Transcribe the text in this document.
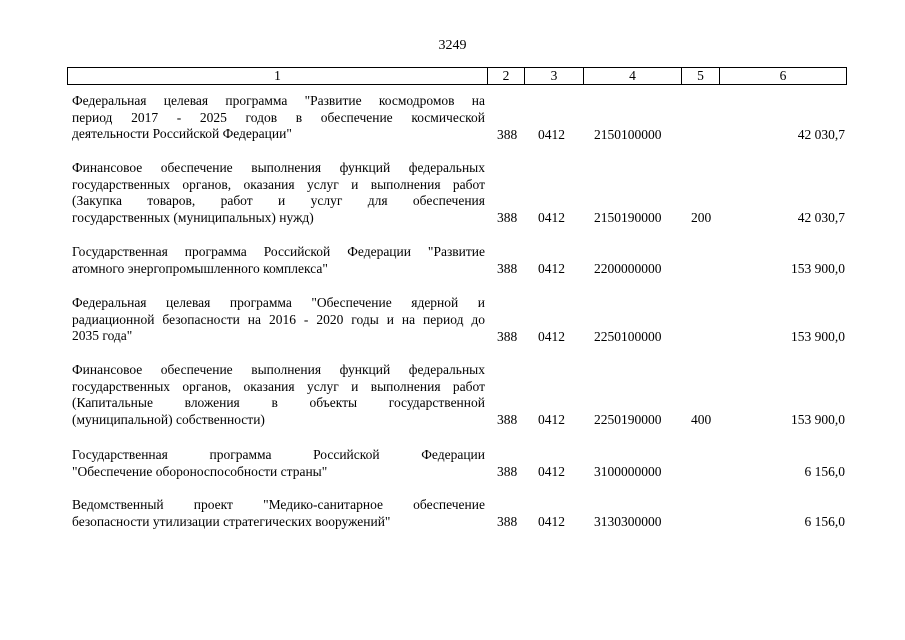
3249
1	2	3	4	5	6
Федеральная целевая программа "Развитие космодромов на
период 2017 - 2025 годов в обеспечение космической
деятельности Российской Федерации"	388 0412 2150100000	42 030,7
Финансовое обеспечение выполнения функций федеральных
государственных органов, оказания услуг и выполнения работ
(Закупка товаров, работ и услуг для обеспечения
государственных (муниципальных) нужд)	388 0412 2150190000 200	42 030,7
Государственная программа Российской Федерации "Развитие
атомного энергопромышленного комплекса"	388 0412 2200000000	153 900,0
Федеральная целевая программа "Обеспечение ядерной и
радиационной безопасности на 2016 - 2020 годы и на период до
2035 года"	388 0412 2250100000	153 900,0
Финансовое обеспечение выполнения функций федеральных
государственных органов, оказания услуг и выполнения работ
(Капитальные вложения в объекты государственной
(муниципальной) собственности)	388 0412 2250190000 400	153 900,0
Государственная программа Российской Федерации
"Обеспечение обороноспособности страны"	388 0412 3100000000	6 156,0
Ведомственный проект "Медико-санитарное обеспечение
безопасности утилизации стратегических вооружений"	388 0412 3130300000	6 156,0
